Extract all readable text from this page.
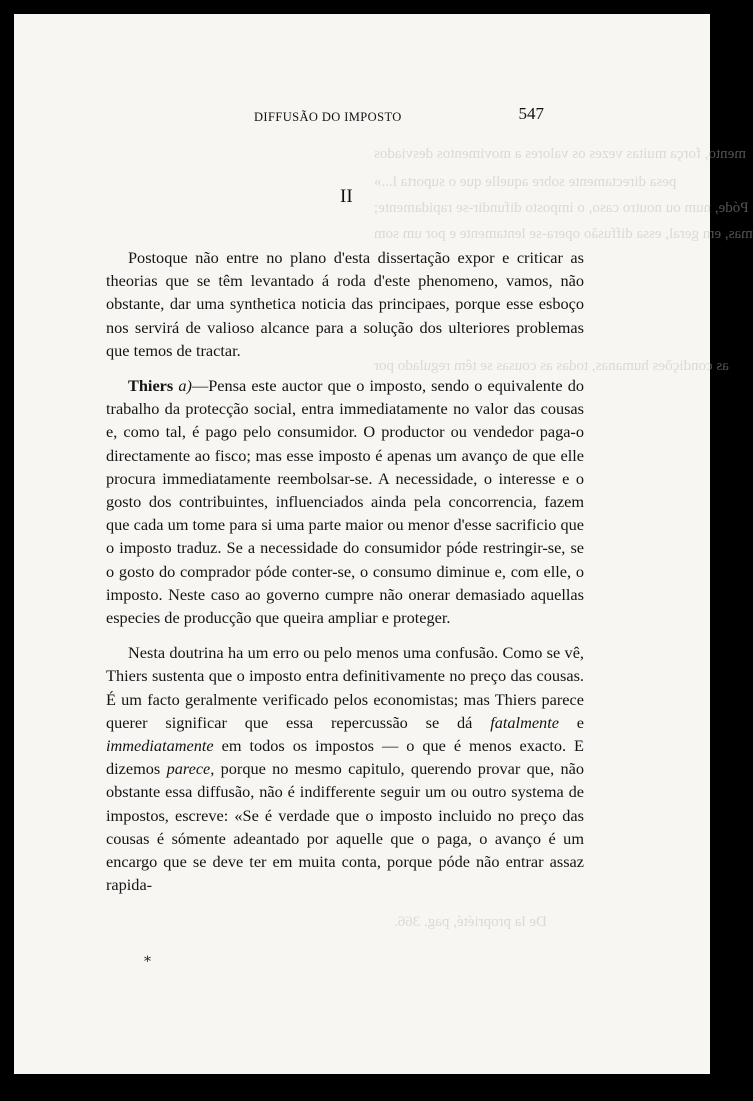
mento, força muitas vezes os valores a movimentos desviados
pesa directamente sobre aquelle que o suporta l...»
Póde, num ou noutro caso, o imposto difundir-se rapidamente;
mas, em geral, essa diffusão opera-se lentamente e por um som
as condições humanas, todas as cousas se têm regulado por
De la propriété, pag. 366.
DIFFUSÃO DO IMPOSTO	547
II

Postoque não entre no plano d'esta dissertação expor e criticar as theorias que se têm levantado á roda d'este phenomeno, vamos, não obstante, dar uma synthetica noticia das principaes, porque esse esboço nos servirá de valioso alcance para a solução dos ulteriores problemas que temos de tractar.

Thiers a)—Pensa este auctor que o imposto, sendo o equivalente do trabalho da protecção social, entra immediatamente no valor das cousas e, como tal, é pago pelo consumidor. O productor ou vendedor paga-o directamente ao fisco; mas esse imposto é apenas um avanço de que elle procura immediatamente reembolsar-se. A necessidade, o interesse e o gosto dos contribuintes, influenciados ainda pela concorrencia, fazem que cada um tome para si uma parte maior ou menor d'esse sacrificio que o imposto traduz. Se a necessidade do consumidor póde restringir-se, se o gosto do comprador póde conter-se, o consumo diminue e, com elle, o imposto. Neste caso ao governo cumpre não onerar demasiado aquellas especies de producção que queira ampliar e proteger.

Nesta doutrina ha um erro ou pelo menos uma confusão. Como se vê, Thiers sustenta que o imposto entra definitivamente no preço das cousas. É um facto geralmente verificado pelos economistas; mas Thiers parece querer significar que essa repercussão se dá fatalmente e immediatamente em todos os impostos — o que é menos exacto. E dizemos parece, porque no mesmo capitulo, querendo provar que, não obstante essa diffusão, não é indifferente seguir um ou outro systema de impostos, escreve: «Se é verdade que o imposto incluido no preço das cousas é sómente adeantado por aquelle que o paga, o avanço é um encargo que se deve ter em muita conta, porque póde não entrar assaz rapida-

*
